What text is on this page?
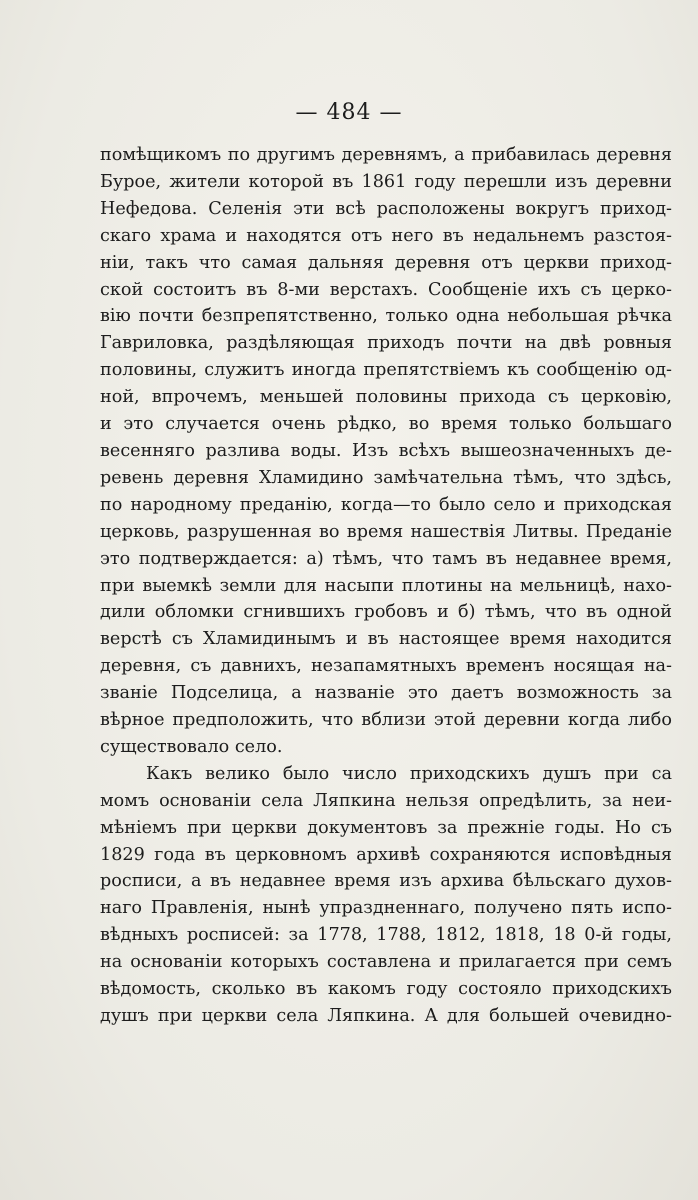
— 484 —
помѣщикомъ по другимъ деревнямъ, а прибавилась деревня
Бурое, жители которой въ 1861 году перешли изъ деревни
Нефедова. Селенія эти всѣ расположены вокругъ приход-
скаго храма и находятся отъ него въ недальнемъ разстоя-
нiи, такъ что самая дальняя деревня отъ церкви приход-
ской состоитъ въ 8-ми верстахъ. Сообщеніе ихъ съ церко-
вію почти безпрепятственно, только одна небольшая рѣчка
Гавриловка, раздѣляющая приходъ почти на двѣ ровныя
половины, служитъ иногда препятствіемъ къ сообщенію од-
ной, впрочемъ, меньшей половины прихода съ церковію,
и это случается очень рѣдко, во время только большаго
весенняго разлива воды. Изъ всѣхъ вышеозначенныхъ де-
ревень деревня Хламидино замѣчательна тѣмъ, что здѣсь,
по народному преданію, когда—то было село и приходская
церковь, разрушенная во время нашествія Литвы. Преданіе
это подтверждается: а) тѣмъ, что тамъ въ недавнее время,
при выемкѣ земли для насыпи плотины на мельницѣ, нахо-
дили обломки сгнившихъ гробовъ и б) тѣмъ, что въ одной
верстѣ съ Хламидинымъ и въ настоящее время находится
деревня, съ давнихъ, незапамятныхъ временъ носящая на-
званіе Подселица, а названіе это даетъ возможность за
вѣрное предположить, что вблизи этой деревни когда либо
существовало село.
Какъ велико было число приходскихъ душъ при са
момъ основаніи села Ляпкина нельзя опредѣлить, за неи-
мѣніемъ при церкви документовъ за прежніе годы. Но съ
1829 года въ церковномъ архивѣ сохраняются исповѣдныя
росписи, а въ недавнее время изъ архива бѣльскаго духов-
наго Правленія, нынѣ упраздненнаго, получено пять испо-
вѣдныхъ росписей: за 1778, 1788, 1812, 1818, 18 0-й годы,
на основаніи которыхъ составлена и прилагается при семъ
вѣдомость, сколько въ какомъ году состояло приходскихъ
душъ при церкви села Ляпкина. А для большей очевидно-
